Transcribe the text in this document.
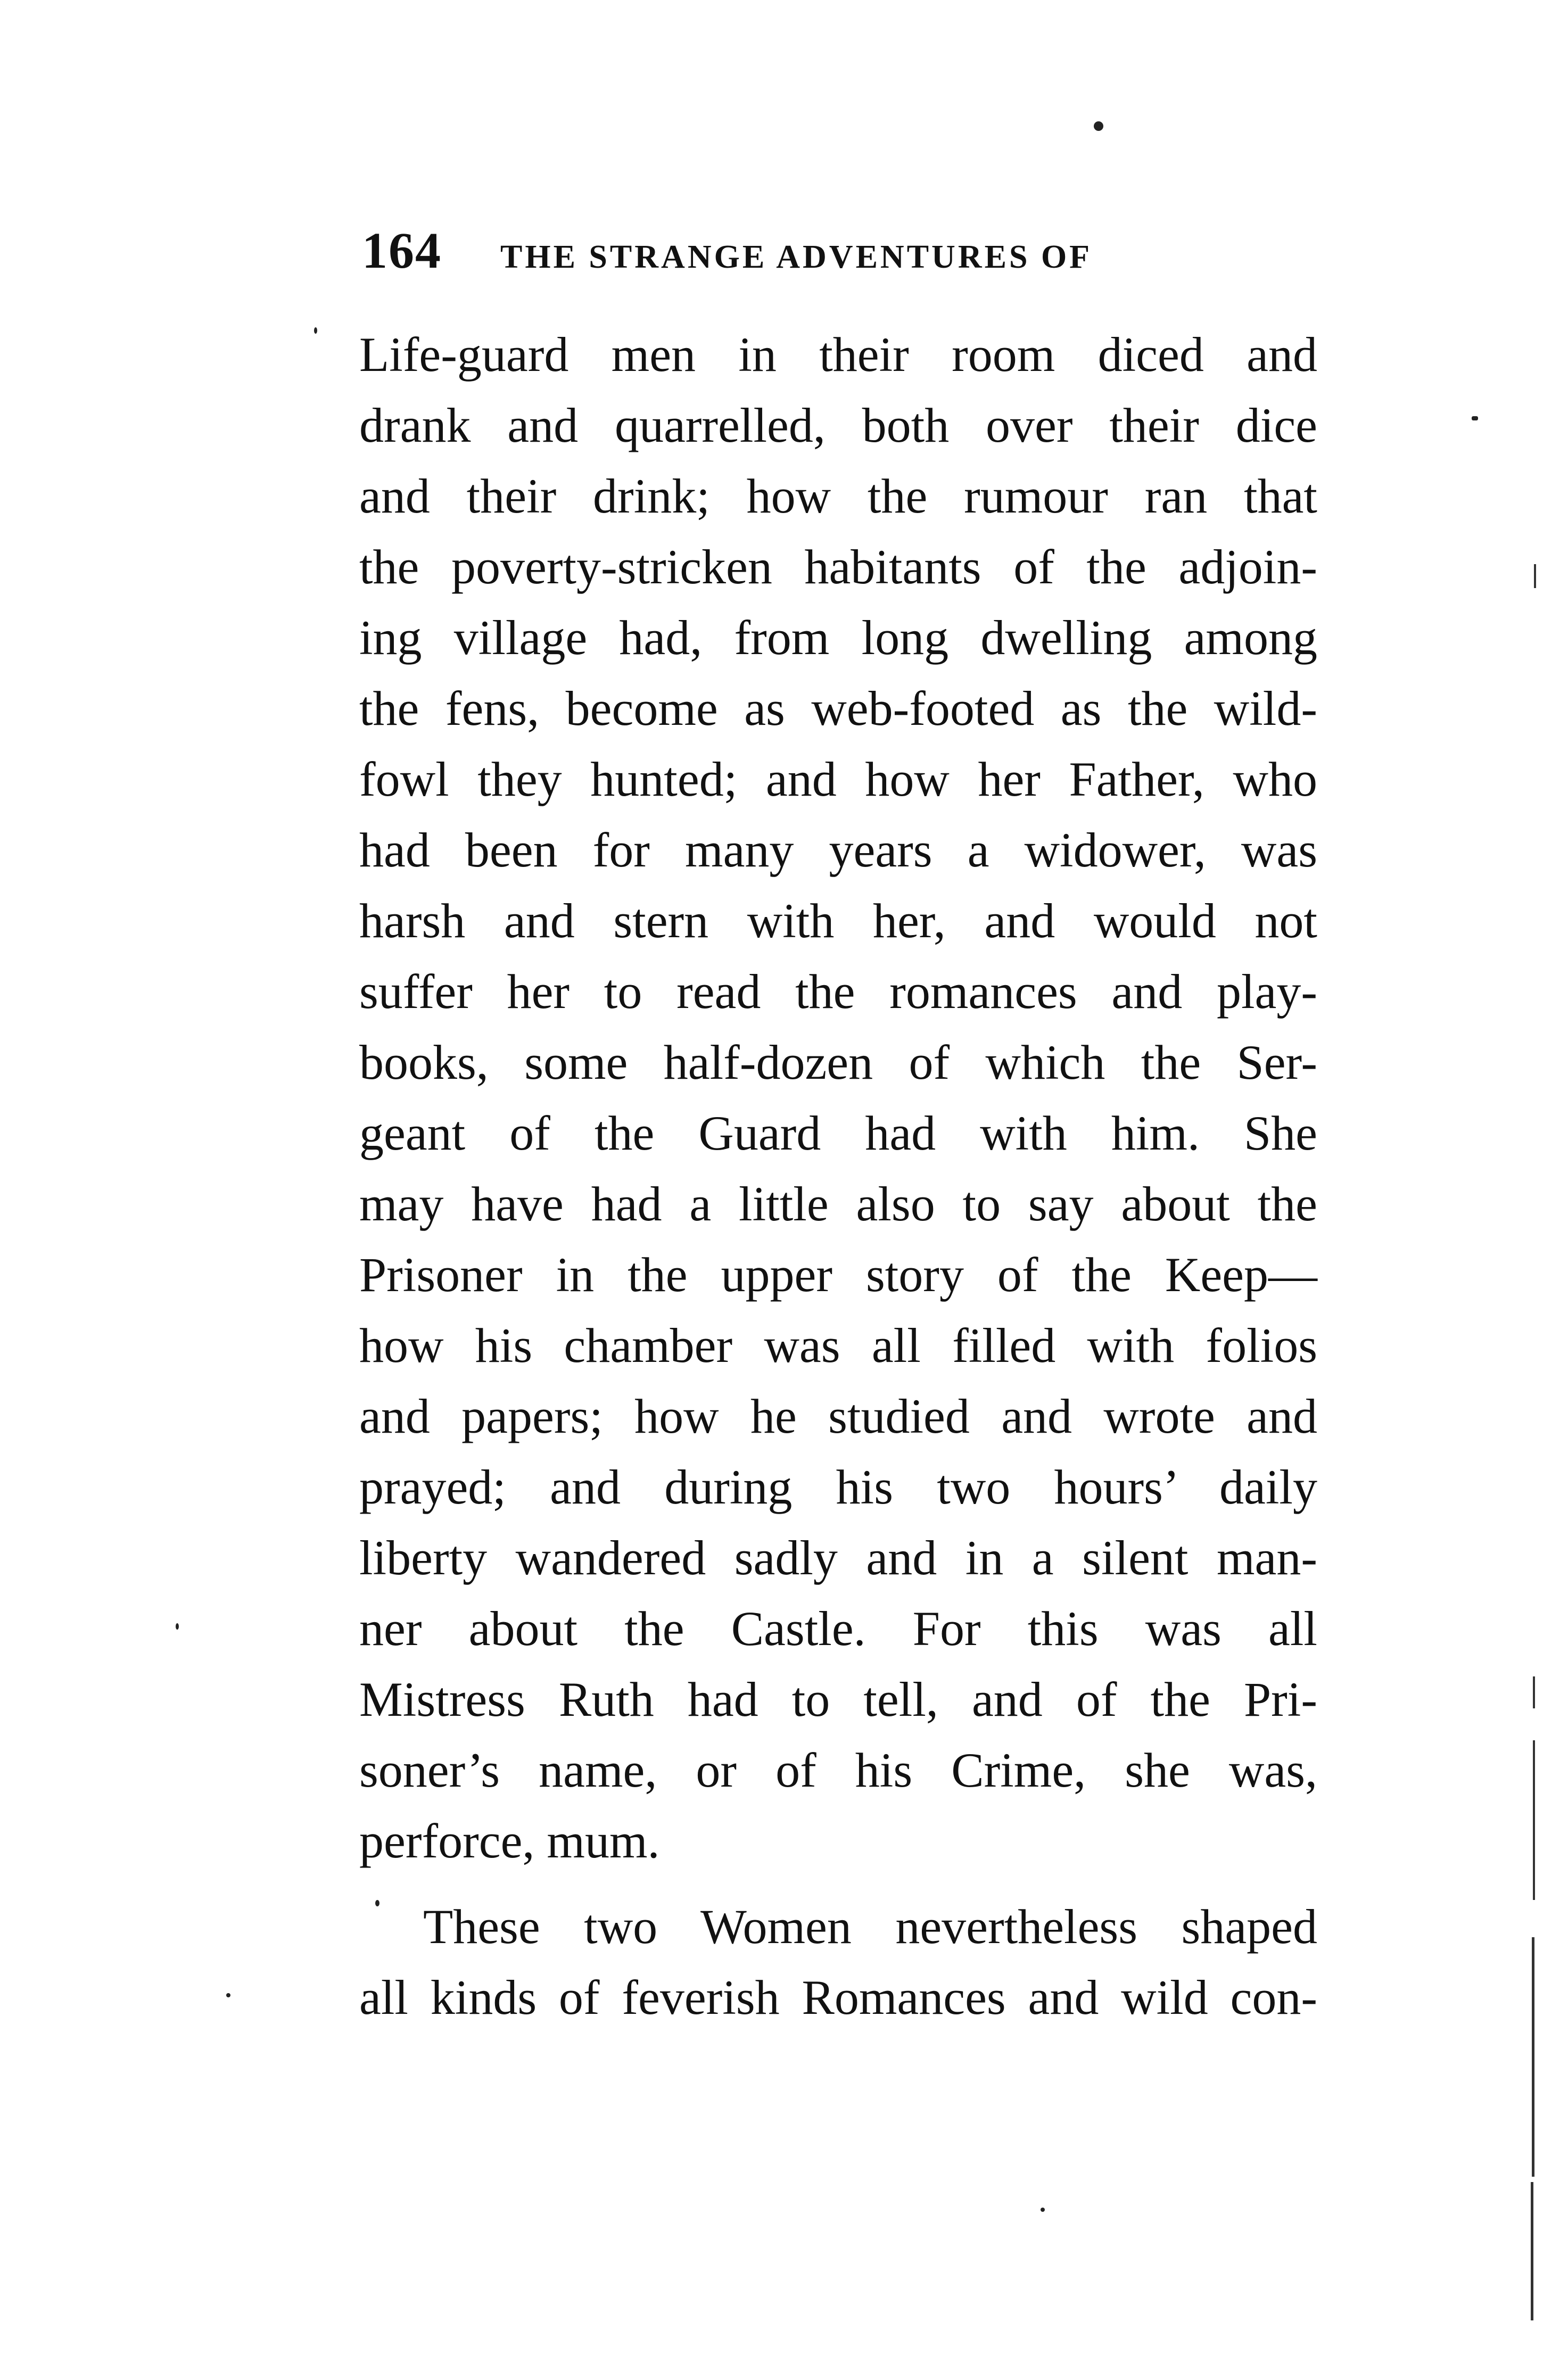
164 THE STRANGE ADVENTURES OF
Life-guard men in their room diced and
drank and quarrelled, both over their dice
and their drink; how the rumour ran that
the poverty-stricken habitants of the adjoin-
ing village had, from long dwelling among
the fens, become as web-footed as the wild-
fowl they hunted; and how her Father, who
had been for many years a widower, was
harsh and stern with her, and would not
suffer her to read the romances and play-
books, some half-dozen of which the Ser-
geant of the Guard had with him. She
may have had a little also to say about the
Prisoner in the upper story of the Keep—
how his chamber was all filled with folios
and papers; how he studied and wrote and
prayed; and during his two hours’ daily
liberty wandered sadly and in a silent man-
ner about the Castle. For this was all
Mistress Ruth had to tell, and of the Pri-
soner’s name, or of his Crime, she was,
perforce, mum.
These two Women nevertheless shaped
all kinds of feverish Romances and wild con-
